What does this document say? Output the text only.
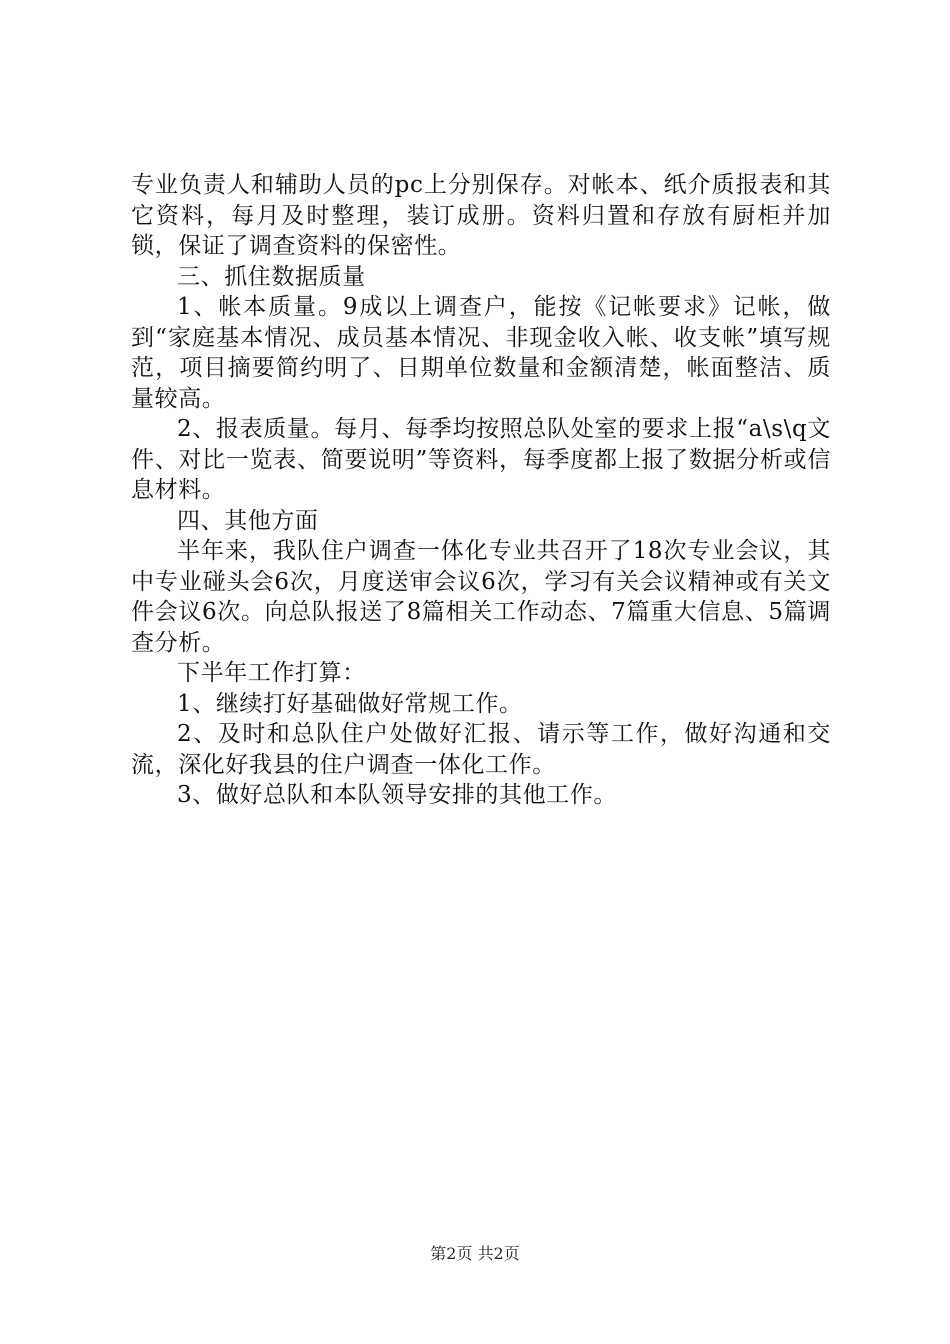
专业负责人和辅助人员的pc上分别保存。对帐本、纸介质报表和其它资料，每月及时整理，装订成册。资料归置和存放有厨柜并加锁，保证了调查资料的保密性。

三、抓住数据质量

1、帐本质量。9成以上调查户，能按《记帐要求》记帐，做到“家庭基本情况、成员基本情况、非现金收入帐、收支帐”填写规范，项目摘要简约明了、日期单位数量和金额清楚，帐面整洁、质量较高。

2、报表质量。每月、每季均按照总队处室的要求上报“a\s\q文件、对比一览表、简要说明”等资料，每季度都上报了数据分析或信息材料。

四、其他方面

半年来，我队住户调查一体化专业共召开了18次专业会议，其中专业碰头会6次，月度送审会议6次，学习有关会议精神或有关文件会议6次。向总队报送了8篇相关工作动态、7篇重大信息、5篇调查分析。

下半年工作打算：

1、继续打好基础做好常规工作。

2、及时和总队住户处做好汇报、请示等工作，做好沟通和交流，深化好我县的住户调查一体化工作。

3、做好总队和本队领导安排的其他工作。

第2页 共2页
